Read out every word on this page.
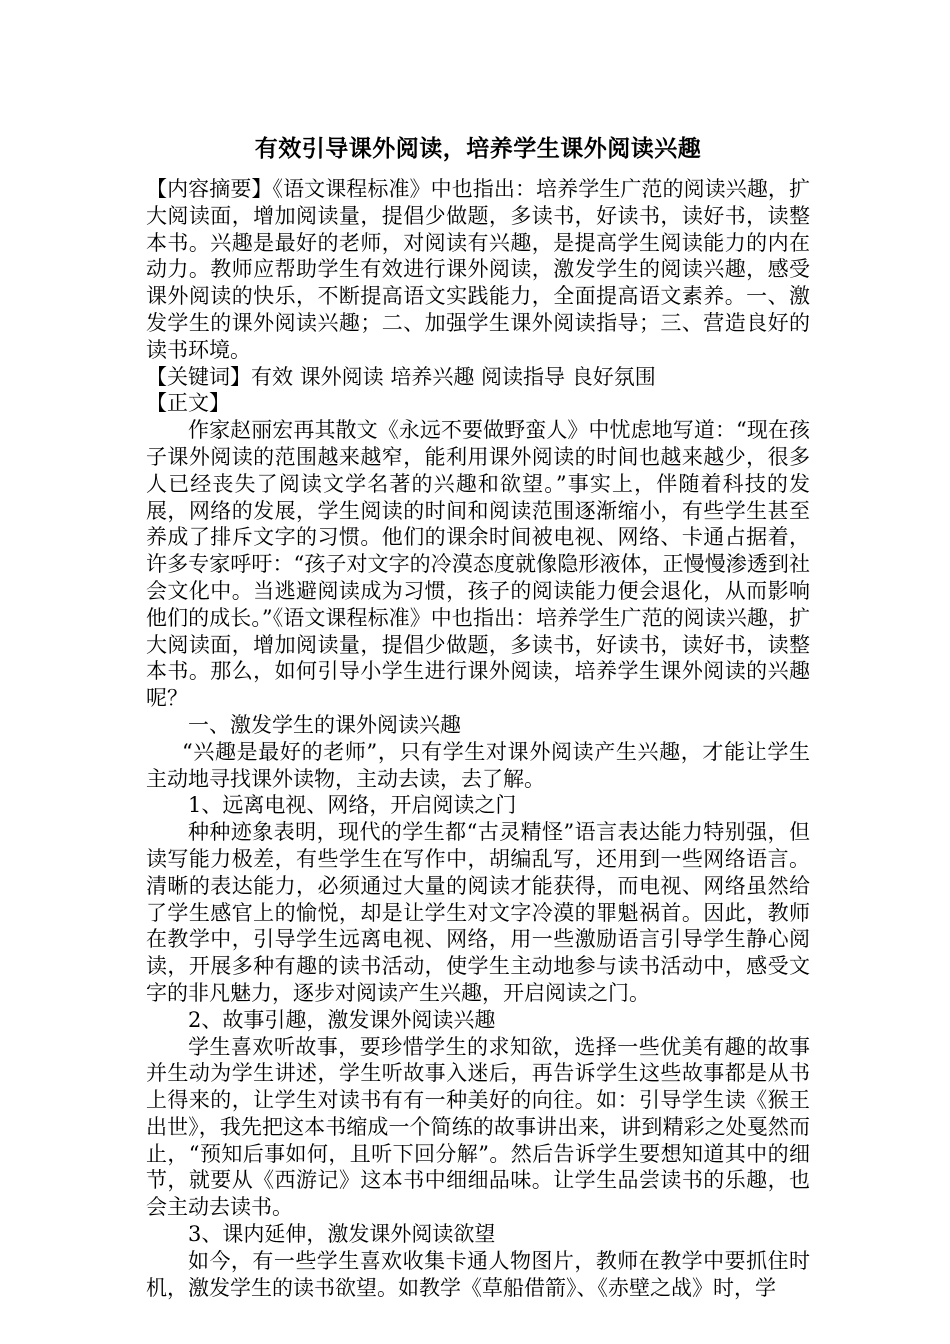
有效引导课外阅读，培养学生课外阅读兴趣

【内容摘要】《语文课程标准》中也指出：培养学生广范的阅读兴趣，扩大阅读面，增加阅读量，提倡少做题，多读书，好读书，读好书，读整本书。兴趣是最好的老师，对阅读有兴趣，是提高学生阅读能力的内在动力。教师应帮助学生有效进行课外阅读，激发学生的阅读兴趣，感受课外阅读的快乐，不断提高语文实践能力，全面提高语文素养。一、激发学生的课外阅读兴趣；二、加强学生课外阅读指导；三、营造良好的读书环境。

【关键词】有效 课外阅读 培养兴趣 阅读指导 良好氛围

【正文】

作家赵丽宏再其散文《永远不要做野蛮人》中忧虑地写道：“现在孩子课外阅读的范围越来越窄，能利用课外阅读的时间也越来越少，很多人已经丧失了阅读文学名著的兴趣和欲望。”事实上，伴随着科技的发展，网络的发展，学生阅读的时间和阅读范围逐渐缩小，有些学生甚至养成了排斥文字的习惯。他们的课余时间被电视、网络、卡通占据着，许多专家呼吁：“孩子对文字的冷漠态度就像隐形液体，正慢慢渗透到社会文化中。当逃避阅读成为习惯，孩子的阅读能力便会退化，从而影响他们的成长。”《语文课程标准》中也指出：培养学生广范的阅读兴趣，扩大阅读面，增加阅读量，提倡少做题，多读书，好读书，读好书，读整本书。那么，如何引导小学生进行课外阅读，培养学生课外阅读的兴趣呢？

一、激发学生的课外阅读兴趣

“兴趣是最好的老师”，只有学生对课外阅读产生兴趣，才能让学生主动地寻找课外读物，主动去读，去了解。

1、远离电视、网络，开启阅读之门

种种迹象表明，现代的学生都“古灵精怪”语言表达能力特别强，但读写能力极差，有些学生在写作中，胡编乱写，还用到一些网络语言。清晰的表达能力，必须通过大量的阅读才能获得，而电视、网络虽然给了学生感官上的愉悦，却是让学生对文字冷漠的罪魁祸首。因此，教师在教学中，引导学生远离电视、网络，用一些激励语言引导学生静心阅读，开展多种有趣的读书活动，使学生主动地参与读书活动中，感受文字的非凡魅力，逐步对阅读产生兴趣，开启阅读之门。

2、故事引趣，激发课外阅读兴趣

学生喜欢听故事，要珍惜学生的求知欲，选择一些优美有趣的故事并生动为学生讲述，学生听故事入迷后，再告诉学生这些故事都是从书上得来的，让学生对读书有有一种美好的向往。如：引导学生读《猴王出世》，我先把这本书缩成一个简练的故事讲出来，讲到精彩之处戛然而止，“预知后事如何，且听下回分解”。然后告诉学生要想知道其中的细节，就要从《西游记》这本书中细细品味。让学生品尝读书的乐趣，也会主动去读书。

3、课内延伸，激发课外阅读欲望

如今，有一些学生喜欢收集卡通人物图片，教师在教学中要抓住时机，激发学生的读书欲望。如教学《草船借箭》、《赤壁之战》时，学
